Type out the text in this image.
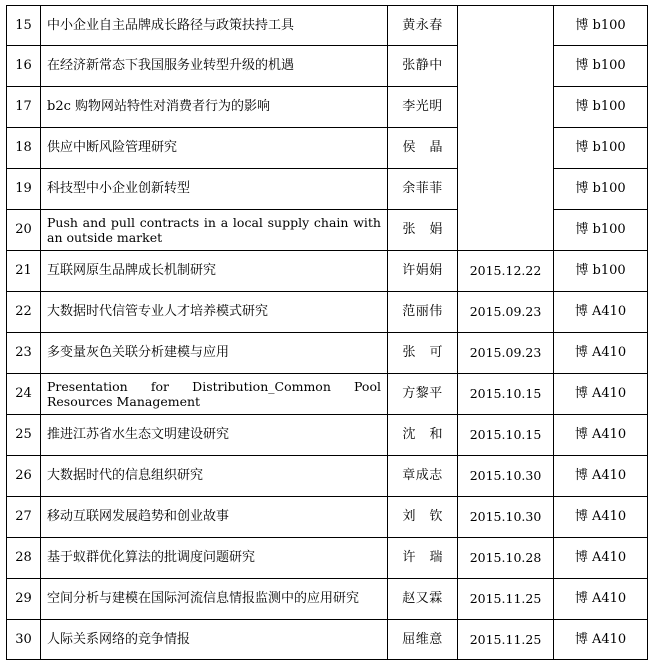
15	中小企业自主品牌成长路径与政策扶持工具	黄永春		博 b100
16	在经济新常态下我国服务业转型升级的机遇	张静中		博 b100
17	b2c 购物网站特性对消费者行为的影响	李光明		博 b100
18	供应中断风险管理研究	侯晶		博 b100
19	科技型中小企业创新转型	余菲菲		博 b100
20	Push and pull contracts in a local supply chain with an outside market	张娟		博 b100
21	互联网原生品牌成长机制研究	许娟娟	2015.12.22	博 b100
22	大数据时代信管专业人才培养模式研究	范丽伟	2015.09.23	博 A410
23	多变量灰色关联分析建模与应用	张可	2015.09.23	博 A410
24	Presentation for Distribution_Common Pool Resources Management	方黎平	2015.10.15	博 A410
25	推进江苏省水生态文明建设研究	沈和	2015.10.15	博 A410
26	大数据时代的信息组织研究	章成志	2015.10.30	博 A410
27	移动互联网发展趋势和创业故事	刘钦	2015.10.30	博 A410
28	基于蚁群优化算法的批调度问题研究	许瑞	2015.10.28	博 A410
29	空间分析与建模在国际河流信息情报监测中的应用研究	赵又霖	2015.11.25	博 A410
30	人际关系网络的竞争情报	屈维意	2015.11.25	博 A410
